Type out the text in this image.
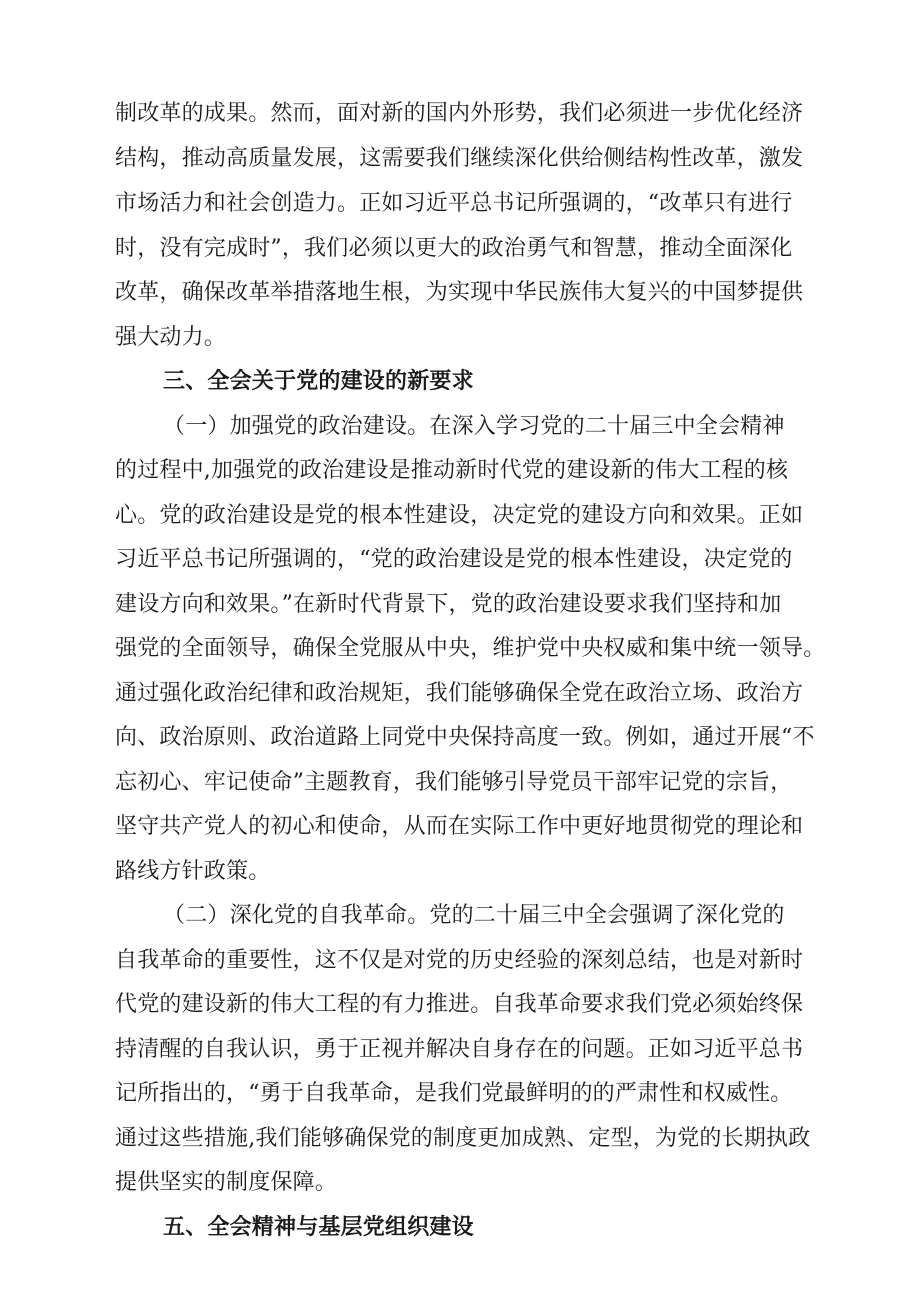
制改革的成果。然而，面对新的国内外形势，我们必须进一步优化经济
结构，推动高质量发展，这需要我们继续深化供给侧结构性改革，激发
市场活力和社会创造力。正如习近平总书记所强调的，“改革只有进行
时，没有完成时”，我们必须以更大的政治勇气和智慧，推动全面深化
改革，确保改革举措落地生根，为实现中华民族伟大复兴的中国梦提供
强大动力。
三、全会关于党的建设的新要求
（一）加强党的政治建设。在深入学习党的二十届三中全会精神
的过程中,加强党的政治建设是推动新时代党的建设新的伟大工程的核
心。党的政治建设是党的根本性建设，决定党的建设方向和效果。正如
习近平总书记所强调的，“党的政治建设是党的根本性建设，决定党的
建设方向和效果。”在新时代背景下，党的政治建设要求我们坚持和加
强党的全面领导，确保全党服从中央，维护党中央权威和集中统一领导。
通过强化政治纪律和政治规矩，我们能够确保全党在政治立场、政治方
向、政治原则、政治道路上同党中央保持高度一致。例如，通过开展“不
忘初心、牢记使命”主题教育，我们能够引导党员干部牢记党的宗旨，
坚守共产党人的初心和使命，从而在实际工作中更好地贯彻党的理论和
路线方针政策。
（二）深化党的自我革命。党的二十届三中全会强调了深化党的
自我革命的重要性，这不仅是对党的历史经验的深刻总结，也是对新时
代党的建设新的伟大工程的有力推进。自我革命要求我们党必须始终保
持清醒的自我认识，勇于正视并解决自身存在的问题。正如习近平总书
记所指出的，“勇于自我革命，是我们党最鲜明的的严肃性和权威性。
通过这些措施,我们能够确保党的制度更加成熟、定型，为党的长期执政
提供坚实的制度保障。
五、全会精神与基层党组织建设
